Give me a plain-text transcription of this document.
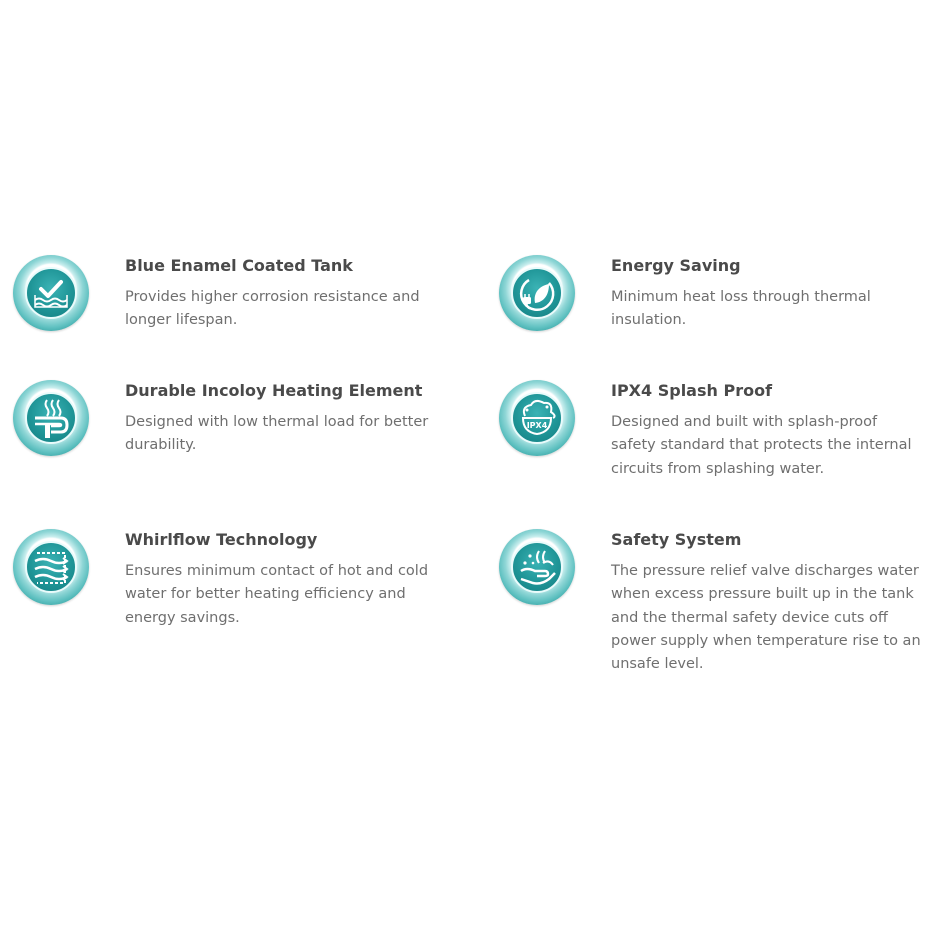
Blue Enamel Coated Tank
Provides higher corrosion resistance and longer lifespan.
Energy Saving
Minimum heat loss through thermal insulation.
Durable Incoloy Heating Element
Designed with low thermal load for better durability.
IPX4
IPX4 Splash Proof
Designed and built with splash-proof safety standard that protects the internal circuits from splashing water.
Whirlflow Technology
Ensures minimum contact of hot and cold water for better heating efficiency and energy savings.
Safety System
The pressure relief valve discharges water when excess pressure built up in the tank and the thermal safety device cuts off power supply when temperature rise to an unsafe level.
